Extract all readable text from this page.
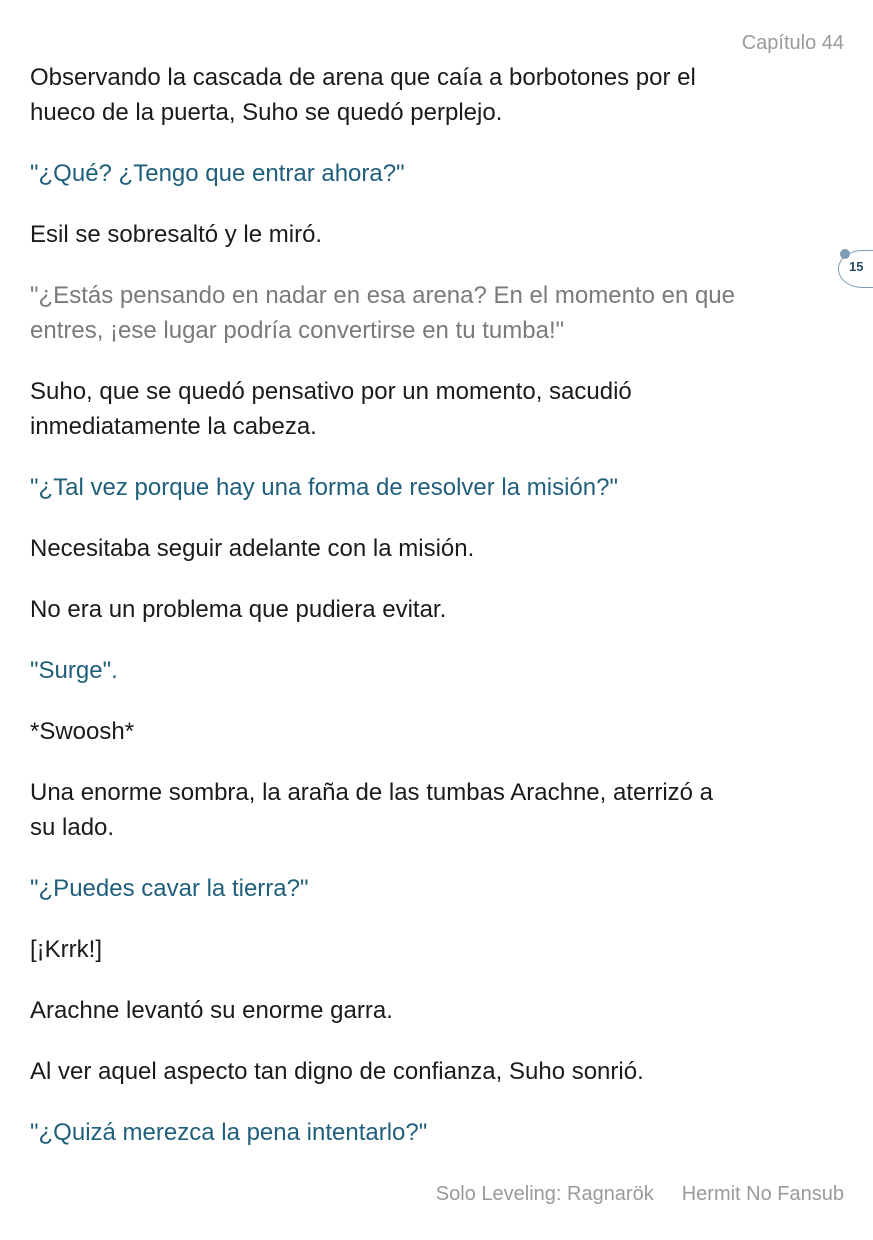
Capítulo 44
15

Observando la cascada de arena que caía a borbotones por el
hueco de la puerta, Suho se quedó perplejo.

"¿Qué? ¿Tengo que entrar ahora?"

Esil se sobresaltó y le miró.

"¿Estás pensando en nadar en esa arena? En el momento en que
entres, ¡ese lugar podría convertirse en tu tumba!"

Suho, que se quedó pensativo por un momento, sacudió
inmediatamente la cabeza.

"¿Tal vez porque hay una forma de resolver la misión?"

Necesitaba seguir adelante con la misión.

No era un problema que pudiera evitar.

"Surge".

*Swoosh*

Una enorme sombra, la araña de las tumbas Arachne, aterrizó a
su lado.

"¿Puedes cavar la tierra?"

[¡Krrk!]

Arachne levantó su enorme garra.

Al ver aquel aspecto tan digno de confianza, Suho sonrió.

"¿Quizá merezca la pena intentarlo?"

Solo Leveling: Ragnarök Hermit No Fansub
